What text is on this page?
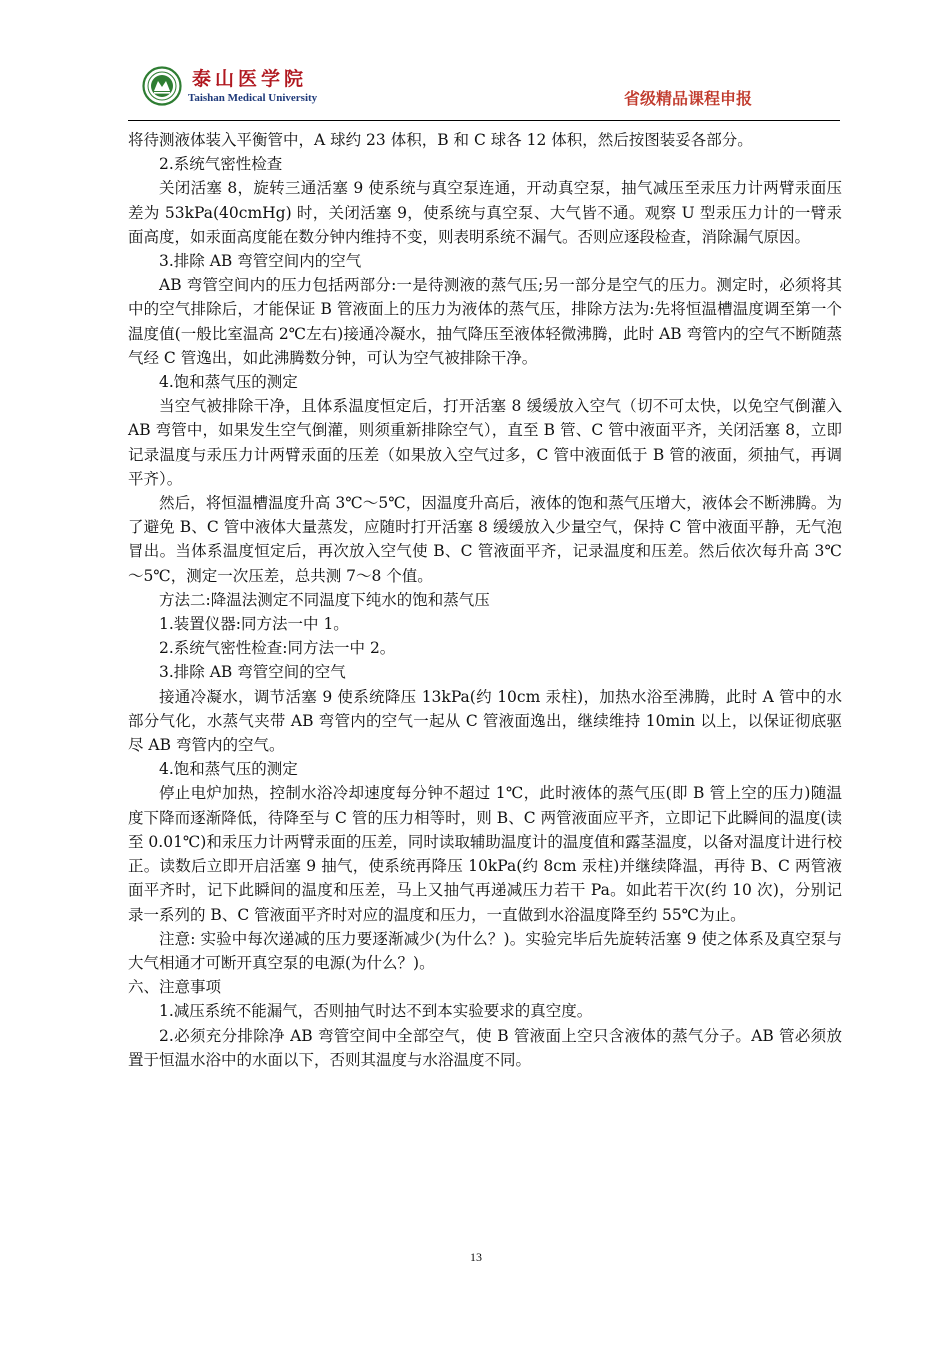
泰山医学院
Taishan Medical University	省级精品课程申报

将待测液体装入平衡管中，A 球约 23 体积，B 和 C 球各 12 体积，然后按图装妥各部分。

2.系统气密性检查

关闭活塞 8，旋转三通活塞 9 使系统与真空泵连通，开动真空泵，抽气减压至汞压力计两臂汞面压差为 53kPa(40cmHg) 时，关闭活塞 9，使系统与真空泵、大气皆不通。观察 U 型汞压力计的一臂汞面高度，如汞面高度能在数分钟内维持不变，则表明系统不漏气。否则应逐段检查，消除漏气原因。

3.排除 AB 弯管空间内的空气

AB 弯管空间内的压力包括两部分:一是待测液的蒸气压;另一部分是空气的压力。测定时，必须将其中的空气排除后，才能保证 B 管液面上的压力为液体的蒸气压，排除方法为:先将恒温槽温度调至第一个温度值(一般比室温高 2℃左右)接通冷凝水，抽气降压至液体轻微沸腾，此时 AB 弯管内的空气不断随蒸气经 C 管逸出，如此沸腾数分钟，可认为空气被排除干净。

4.饱和蒸气压的测定

当空气被排除干净，且体系温度恒定后，打开活塞 8 缓缓放入空气（切不可太快，以免空气倒灌入 AB 弯管中，如果发生空气倒灌，则须重新排除空气），直至 B 管、C 管中液面平齐，关闭活塞 8，立即记录温度与汞压力计两臂汞面的压差（如果放入空气过多，C 管中液面低于 B 管的液面，须抽气，再调平齐）。

然后，将恒温槽温度升高 3℃～5℃，因温度升高后，液体的饱和蒸气压增大，液体会不断沸腾。为了避免 B、C 管中液体大量蒸发，应随时打开活塞 8 缓缓放入少量空气，保持 C 管中液面平静，无气泡冒出。当体系温度恒定后，再次放入空气使 B、C 管液面平齐，记录温度和压差。然后依次每升高 3℃～5℃，测定一次压差，总共测 7～8 个值。

方法二:降温法测定不同温度下纯水的饱和蒸气压

1.装置仪器:同方法一中 1。

2.系统气密性检查:同方法一中 2。

3.排除 AB 弯管空间的空气

接通冷凝水，调节活塞 9 使系统降压 13kPa(约 10cm 汞柱)，加热水浴至沸腾，此时 A 管中的水部分气化，水蒸气夹带 AB 弯管内的空气一起从 C 管液面逸出，继续维持 10min 以上，以保证彻底驱尽 AB 弯管内的空气。

4.饱和蒸气压的测定

停止电炉加热，控制水浴冷却速度每分钟不超过 1℃，此时液体的蒸气压(即 B 管上空的压力)随温度下降而逐渐降低，待降至与 C 管的压力相等时，则 B、C 两管液面应平齐，立即记下此瞬间的温度(读至 0.01℃)和汞压力计两臂汞面的压差，同时读取辅助温度计的温度值和露茎温度，以备对温度计进行校正。读数后立即开启活塞 9 抽气，使系统再降压 10kPa(约 8cm 汞柱)并继续降温，再待 B、C 两管液面平齐时，记下此瞬间的温度和压差，马上又抽气再递减压力若干 Pa。如此若干次(约 10 次)，分别记录一系列的 B、C 管液面平齐时对应的温度和压力，一直做到水浴温度降至约 55℃为止。

注意: 实验中每次递减的压力要逐渐减少(为什么？)。实验完毕后先旋转活塞 9 使之体系及真空泵与大气相通才可断开真空泵的电源(为什么？)。

六、注意事项

1.减压系统不能漏气，否则抽气时达不到本实验要求的真空度。

2.必须充分排除净 AB 弯管空间中全部空气，使 B 管液面上空只含液体的蒸气分子。AB 管必须放置于恒温水浴中的水面以下，否则其温度与水浴温度不同。

13
